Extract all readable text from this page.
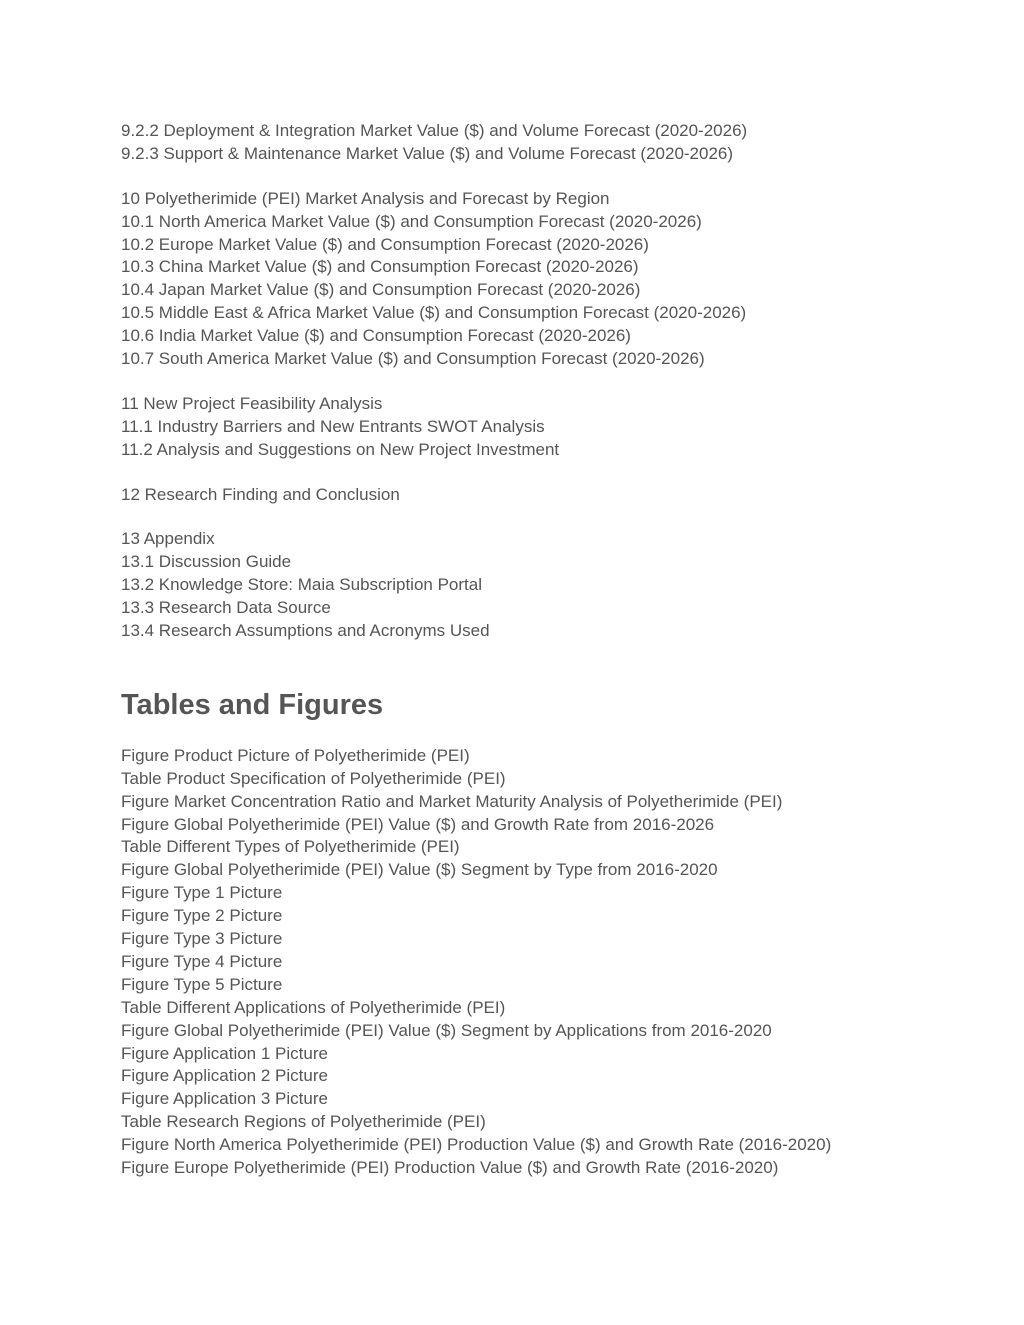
9.2.2 Deployment & Integration Market Value ($) and Volume Forecast (2020-2026)
9.2.3 Support & Maintenance Market Value ($) and Volume Forecast (2020-2026)
10 Polyetherimide (PEI) Market Analysis and Forecast by Region
10.1 North America Market Value ($) and Consumption Forecast (2020-2026)
10.2 Europe Market Value ($) and Consumption Forecast (2020-2026)
10.3 China Market Value ($) and Consumption Forecast (2020-2026)
10.4 Japan Market Value ($) and Consumption Forecast (2020-2026)
10.5 Middle East & Africa Market Value ($) and Consumption Forecast (2020-2026)
10.6 India Market Value ($) and Consumption Forecast (2020-2026)
10.7 South America Market Value ($) and Consumption Forecast (2020-2026)
11 New Project Feasibility Analysis
11.1 Industry Barriers and New Entrants SWOT Analysis
11.2 Analysis and Suggestions on New Project Investment
12 Research Finding and Conclusion
13 Appendix
13.1 Discussion Guide
13.2 Knowledge Store: Maia Subscription Portal
13.3 Research Data Source
13.4 Research Assumptions and Acronyms Used
Tables and Figures
Figure Product Picture of Polyetherimide (PEI)
Table Product Specification of Polyetherimide (PEI)
Figure Market Concentration Ratio and Market Maturity Analysis of Polyetherimide (PEI)
Figure Global Polyetherimide (PEI) Value ($) and Growth Rate from 2016-2026
Table Different Types of Polyetherimide (PEI)
Figure Global Polyetherimide (PEI) Value ($) Segment by Type from 2016-2020
Figure Type 1 Picture
Figure Type 2 Picture
Figure Type 3 Picture
Figure Type 4 Picture
Figure Type 5 Picture
Table Different Applications of Polyetherimide (PEI)
Figure Global Polyetherimide (PEI) Value ($) Segment by Applications from 2016-2020
Figure Application 1 Picture
Figure Application 2 Picture
Figure Application 3 Picture
Table Research Regions of Polyetherimide (PEI)
Figure North America Polyetherimide (PEI) Production Value ($) and Growth Rate (2016-2020)
Figure Europe Polyetherimide (PEI) Production Value ($) and Growth Rate (2016-2020)
